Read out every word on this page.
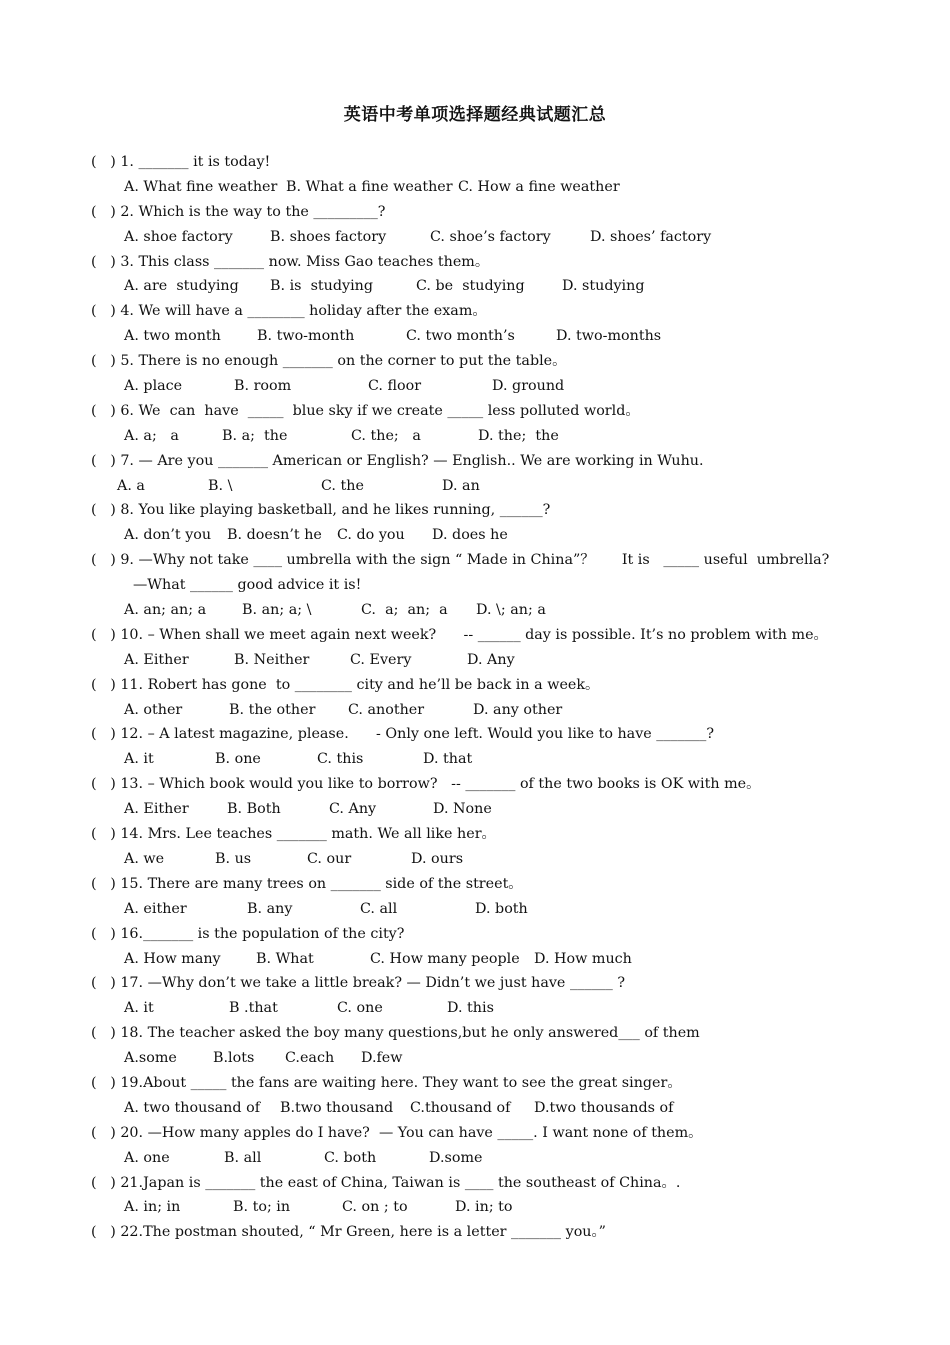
英语中考单项选择题经典试题汇总
(   ) 1. _______ it is today!

A. What fine weather

B. What a fine weather

C. How a fine weather

(   ) 2. Which is the way to the _________?

A. shoe factory

	B. shoes factory

	C. shoe’s factory

	D. shoes’ factory

(   ) 3. This class _______ now. Miss Gao teaches them。

A. are  studying

B. is  studying

	C. be  studying

	D. studying

(   ) 4. We will have a ________ holiday after the exam。

A. two month

	B. two-month

	C. two month’s

	D. two-months

(   ) 5. There is no enough _______ on the corner to put the table。

A. place

	B. room

	C. floor

	D. ground

(   ) 6. We  can  have  _____  blue sky if we create _____ less polluted world。

A. a;   a

	B. a;  the

	C. the;   a

	D. the;  the

(   ) 7. — Are you _______ American or English? — English.. We are working in Wuhu.

A. a

	B. \

	C. the

	D. an

(   ) 8. You like playing basketball, and he likes running, ______?

A. don’t you

B. doesn’t he

C. do you

D. does he

(   ) 9. —Why not take ____ umbrella with the sign “ Made in China”？      It is   _____ useful  umbrella?
—What ______ good advice it is!

A. an; an; a

	B. an; a; \

	C.  a;  an;  a

D. \; an; a

(   ) 10. – When shall we meet again next week?      -- ______ day is possible. It’s no problem with me。

A. Either

	B. Neither

	C. Every

	D. Any

(   ) 11. Robert has gone  to ________ city and he’ll be back in a week。

A. other

	B. the other

C. another

	D. any other

(   ) 12. – A latest magazine, please.      - Only one left. Would you like to have _______?

A. it

	B. one

	C. this

	D. that

(   ) 13. – Which book would you like to borrow?   -- _______ of the two books is OK with me。

A. Either

	B. Both

	C. Any

	D. None

(   ) 14. Mrs. Lee teaches _______ math. We all like her。

A. we

	B. us

	C. our

	D. ours

(   ) 15. There are many trees on _______ side of the street。

A. either

	B. any

	C. all

	D. both

(   ) 16._______ is the population of the city?

A. How many

B. What

	C. How many people

D. How much

(   ) 17. —Why don’t we take a little break? — Didn’t we just have ______ ?

A. it

	B .that

	C. one

	D. this

(   ) 18. The teacher asked the boy many questions,but he only answered___ of them

A.some

	B.lots

C.each

D.few

(   ) 19.About _____ the fans are waiting here. They want to see the great singer。

A. two thousand of

B.two thousand

C.thousand of

D.two thousands of

(   ) 20. —How many apples do I have?  — You can have _____. I want none of them。

A. one

	B. all

	C. both

	D.some

(   ) 21.Japan is _______ the east of China, Taiwan is ____ the southeast of China。.

A. in; in

	B. to; in

	C. on ; to

	D. in; to

(   ) 22.The postman shouted, “ Mr Green, here is a letter _______ you。”
